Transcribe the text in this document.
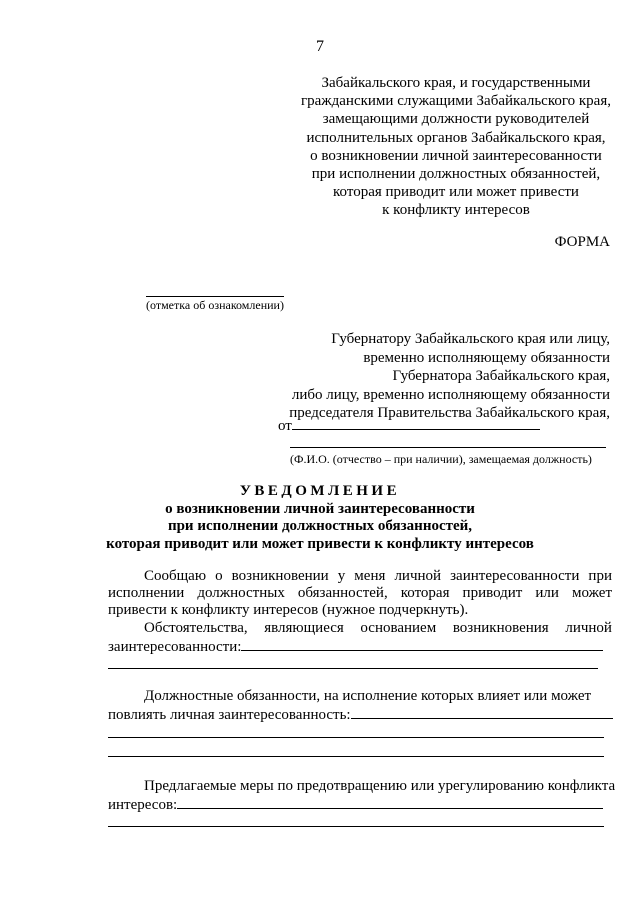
7
Забайкальского края, и государственными
гражданскими служащими Забайкальского края,
замещающими должности руководителей
исполнительных органов Забайкальского края,
о возникновении личной заинтересованности
при исполнении должностных обязанностей,
которая приводит или может привести
к конфликту интересов
ФОРМА
(отметка об ознакомлении)
Губернатору Забайкальского края или лицу,
временно исполняющему обязанности
Губернатора Забайкальского края,
либо лицу, временно исполняющему обязанности
председателя Правительства Забайкальского края,
от
(Ф.И.О. (отчество – при наличии), замещаемая должность)
УВЕДОМЛЕНИЕ
о возникновении личной заинтересованности
при исполнении должностных обязанностей,
которая приводит или может привести к конфликту интересов
Сообщаю о возникновении у меня личной заинтересованности при исполнении должностных обязанностей, которая приводит или может привести к конфликту интересов (нужное подчеркнуть).
Обстоятельства, являющиеся основанием возникновения личной
заинтересованности:
Должностные обязанности, на исполнение которых влияет или может
повлиять личная заинтересованность:
Предлагаемые меры по предотвращению или урегулированию конфликта
интересов:
